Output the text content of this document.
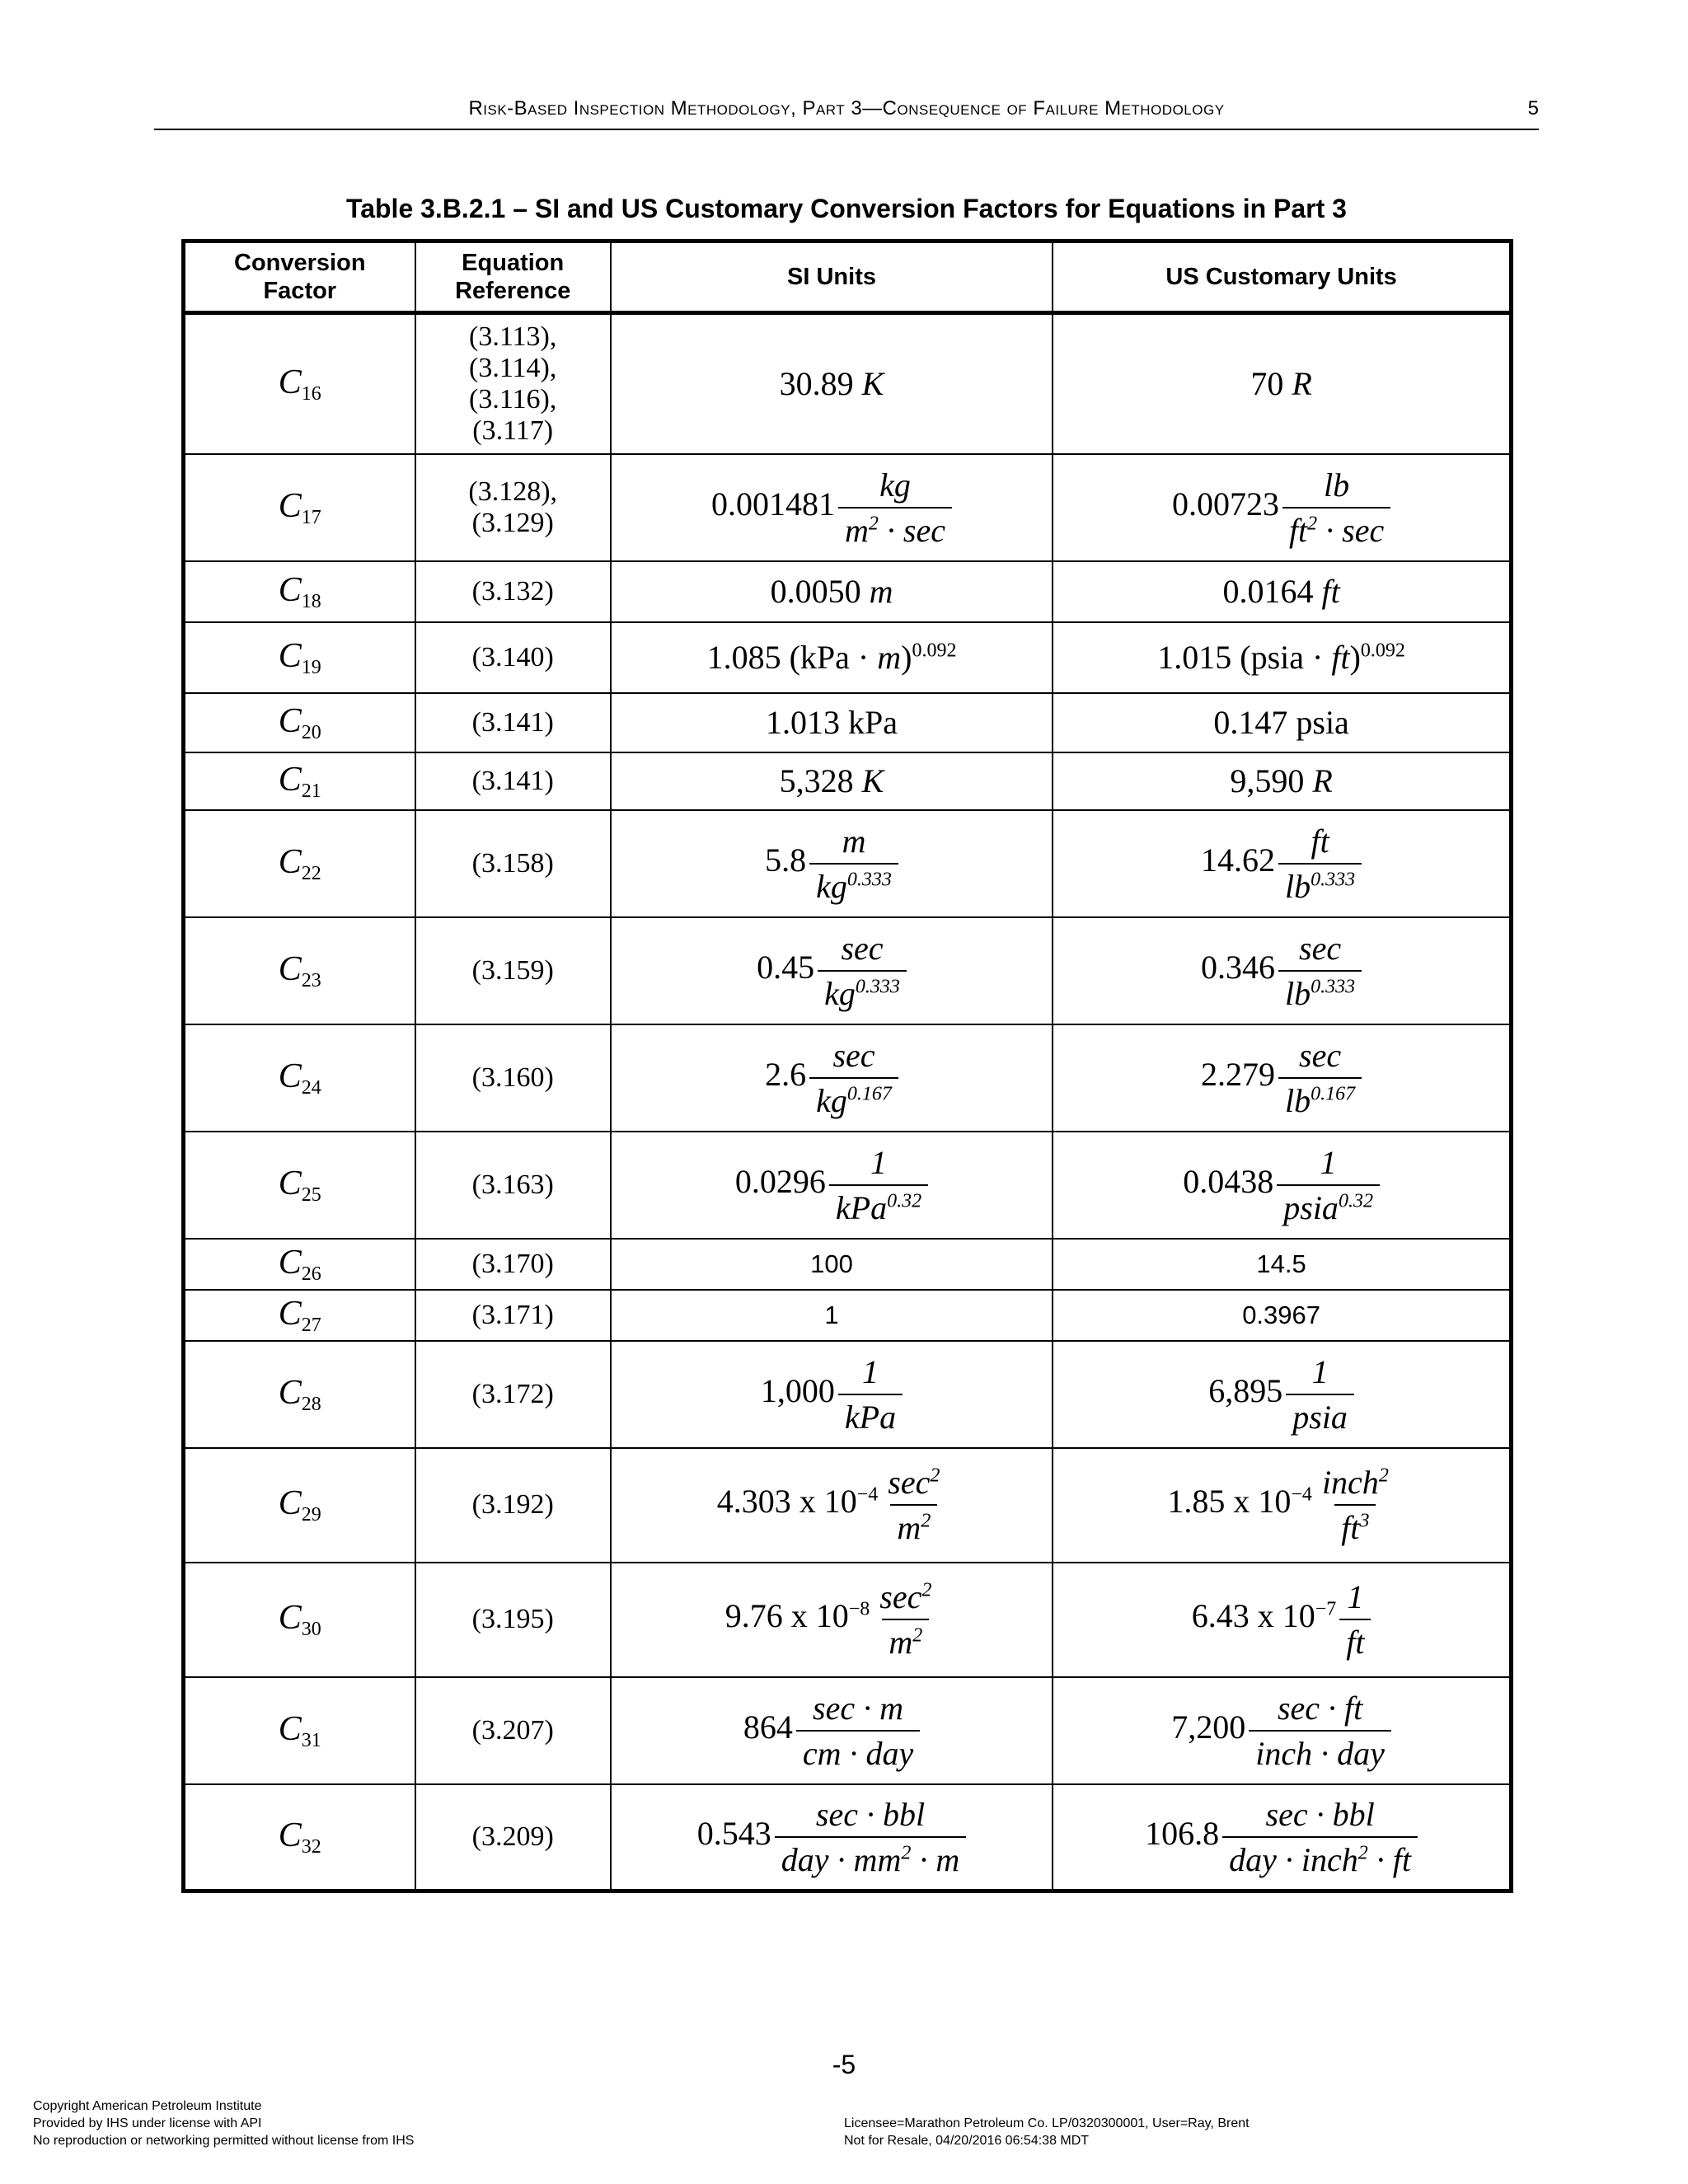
Risk-Based Inspection Methodology, Part 3—Consequence of Failure Methodology	5
Table 3.B.2.1 – SI and US Customary Conversion Factors for Equations in Part 3
Conversion
Factor	Equation
Reference	SI Units	US Customary Units
$C_{16}$	(3.113),
(3.114),
(3.116),
(3.117)	30.89 K	70 R
$C_{17}$	(3.128),
(3.129)	$0.001481 \frac{kg}{m^2 \cdot \sec}$	$0.00723 \frac{lb}{ft^2 \cdot \sec}$

$C_{18}$	(3.132)	0.0050 m	0.0164 ft
$C_{19}$	(3.140)	1.085 (kPa · m)$^{0.092}$	1.015 (psia · ft)$^{0.092}$
$C_{20}$	(3.141)	1.013 kPa	0.147 psia
$C_{21}$	(3.141)	5,328 K	9,590 R
$C_{22}$	(3.158)	$5.8 \frac{m}{kg^{0.333}}$	$14.62 \frac{ft}{lb^{0.333}}$

$C_{23}$	(3.159)	$0.45 \frac{\sec}{kg^{0.333}}$	$0.346 \frac{\sec}{lb^{0.333}}$

$C_{24}$	(3.160)	$2.6 \frac{\sec}{kg^{0.167}}$	$2.279 \frac{\sec}{lb^{0.167}}$

$C_{25}$	(3.163)	$0.0296 \frac{1}{kPa^{0.32}}$	$0.0438 \frac{1}{psia^{0.32}}$

$C_{26}$	(3.170)	100	14.5
$C_{27}$	(3.171)	1	0.3967
$C_{28}$	(3.172)	$1,000 \frac{1}{\text{kPa}}$	$6,895 \frac{1}{\text{psia}}$

$C_{29}$	(3.192)	4.303 x $10^{-4} \frac{\sec^2}{m^2}$	1.85 x $10^{-4} \frac{inch^2}{ft^3}$

$C_{30}$	(3.195)	9.76 x $10^{-8} \frac{\sec^2}{m^2}$	6.43 x $10^{-7} \frac{1}{ft}$

$C_{31}$	(3.207)	$864 \frac{\sec \cdot m}{\text{cm · day}}$	$7,200 \frac{\sec \cdot ft}{\text{inch · day}}$

$C_{32}$	(3.209)	$0.543 \frac{\text{sec · bbl}}{day \cdot mm^2 \cdot m}$	$106.8 \frac{\text{sec · bbl}}{day \cdot inch^2 \cdot ft}$
-5
Copyright American Petroleum Institute
Provided by IHS under license with API
No reproduction or networking permitted without license from IHS
Licensee=Marathon Petroleum Co. LP/0320300001, User=Ray, Brent
Not for Resale, 04/20/2016 06:54:38 MDT
